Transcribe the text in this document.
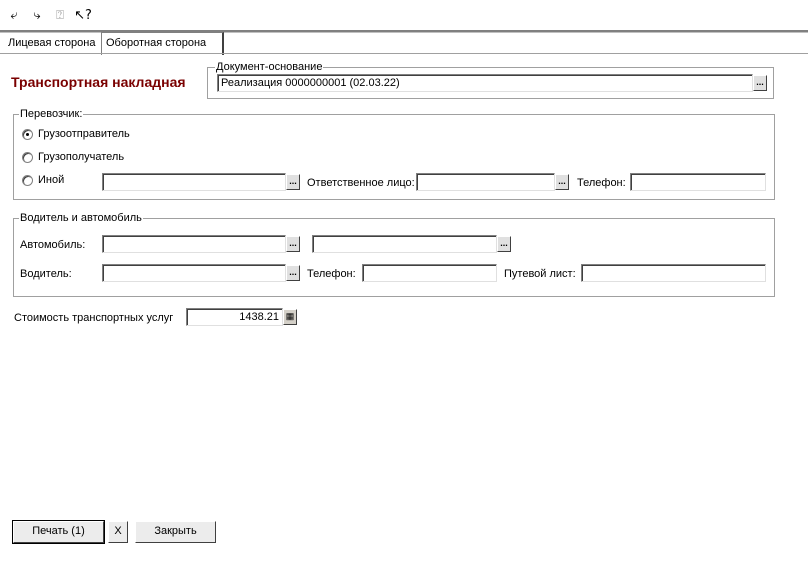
⤶	⤷	⍰ ↖?
Лицевая сторона Оборотная сторона
Транспортная накладная
Документ-основание
Реализация 0000000001 (02.03.22)	...
Перевозчик:
Грузоотправитель
Грузополучатель
Иной	... Ответственное лицо:	... Телефон:
Водитель и автомобиль
Автомобиль:	...	...
Водитель:	... Телефон:	Путевой лист:
Стоимость транспортных услуг	1438.21 ▦
Печать (1)	X	Закрыть
